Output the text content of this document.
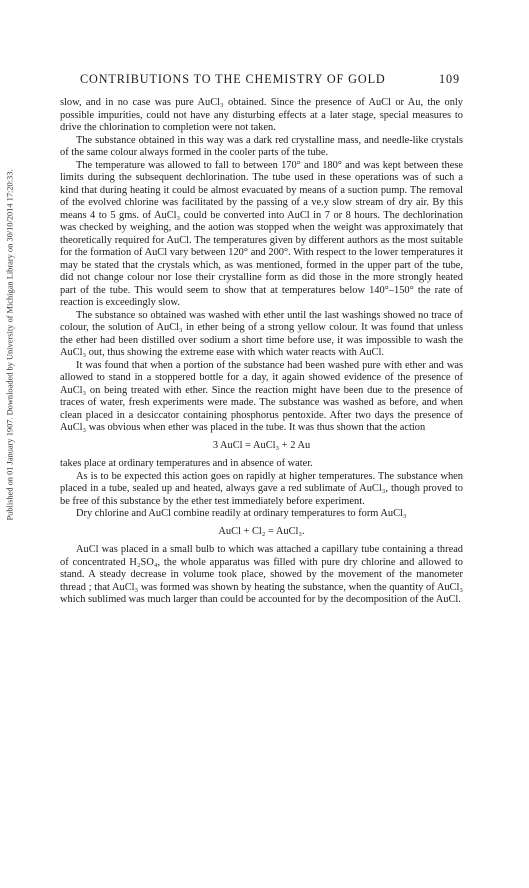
Published on 01 January 1907. Downloaded by University of Michigan Library on 30/10/2014 17:20:33.
CONTRIBUTIONS TO THE CHEMISTRY OF GOLD	109

slow, and in no case was pure AuCl₃ obtained. Since the presence of AuCl or Au, the only possible impurities, could not have any disturbing effects at a later stage, special measures to drive the chlorination to completion were not taken.

The substance obtained in this way was a dark red crystalline mass, and needle-like crystals of the same colour always formed in the cooler parts of the tube.

The temperature was allowed to fall to between 170° and 180° and was kept between these limits during the subsequent dechlorination. The tube used in these operations was of such a kind that during heating it could be almost evacuated by means of a suction pump. The removal of the evolved chlorine was facilitated by the passing of a ve.y slow stream of dry air. By this means 4 to 5 gms. of AuCl₃ could be converted into AuCl in 7 or 8 hours. The dechlorination was checked by weighing, and the aotion was stopped when the weight was approximately that theoretically required for AuCl. The temperatures given by different authors as the most suitable for the formation of AuCl vary between 120° and 200°. With respect to the lower temperatures it may be stated that the crystals which, as was mentioned, formed in the upper part of the tube, did not change colour nor lose their crystalline form as did those in the more strongly heated part of the tube. This would seem to show that at temperatures below 140°–150° the rate of reaction is exceedingly slow.

The substance so obtained was washed with ether until the last washings showed no trace of colour, the solution of AuCl₃ in ether being of a strong yellow colour. It was found that unless the ether had been distilled over sodium a short time before use, it was impossible to wash the AuCl₃ out, thus showing the extreme ease with which water reacts with AuCl.

It was found that when a portion of the substance had been washed pure with ether and was allowed to stand in a stoppered bottle for a day, it again showed evidence of the presence of AuCl₃ on being treated with ether. Since the reaction might have been due to the presence of traces of water, fresh experiments were made. The substance was washed as before, and when clean placed in a desiccator containing phosphorus pentoxide. After two days the presence of AuCl₃ was obvious when ether was placed in the tube. It was thus shown that the action

3 AuCl = AuCl₃ + 2 Au

takes place at ordinary temperatures and in absence of water.

As is to be expected this action goes on rapidly at higher temperatures. The substance when placed in a tube, sealed up and heated, always gave a red sublimate of AuCl₃, though proved to be free of this substance by the ether test immediately before experiment.

Dry chlorine and AuCl combine readily at ordinary temperatures to form AuCl₃

AuCl + Cl₂ = AuCl₃.

AuCl was placed in a small bulb to which was attached a capillary tube containing a thread of concentrated H₂SO₄, the whole apparatus was filled with pure dry chlorine and allowed to stand. A steady decrease in volume took place, showed by the movement of the manometer thread ; that AuCl₃ was formed was shown by heating the substance, when the quantity of AuCl₃ which sublimed was much larger than could be accounted for by the decomposition of the AuCl.
